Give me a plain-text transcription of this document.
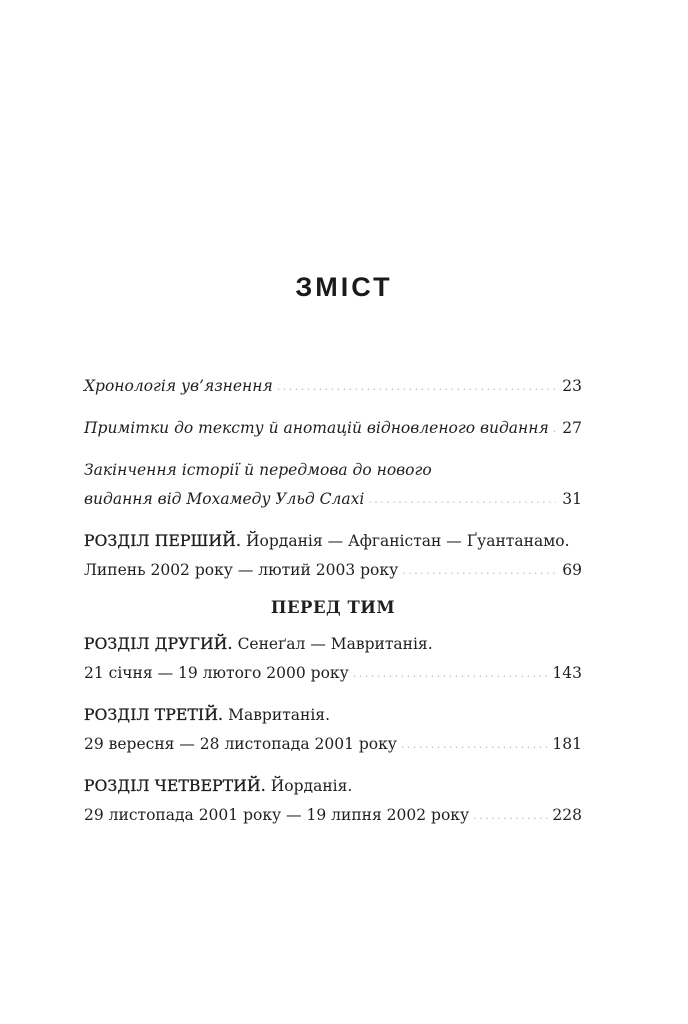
ЗМІСТ
Хронологія ув’язнення . . .	23
Примітки до тексту й анотацій відновленого видання . . . 27
Закінчення історії й передмова до нового
видання від Мохамеду Ульд Слахі . . .	31
РОЗДІЛ ПЕРШИЙ. Йорданія — Афганістан — Ґуантанамо.
Липень 2002 року — лютий 2003 року . . .	69
ПЕРЕД ТИМ
РОЗДІЛ ДРУГИЙ. Сенеґал — Мавританія.
21 січня — 19 лютого 2000 року . . .	143
РОЗДІЛ ТРЕТІЙ. Мавританія.
29 вересня — 28 листопада 2001 року . . .	181
РОЗДІЛ ЧЕТВЕРТИЙ. Йорданія.
29 листопада 2001 року — 19 липня 2002 року . . .	228
